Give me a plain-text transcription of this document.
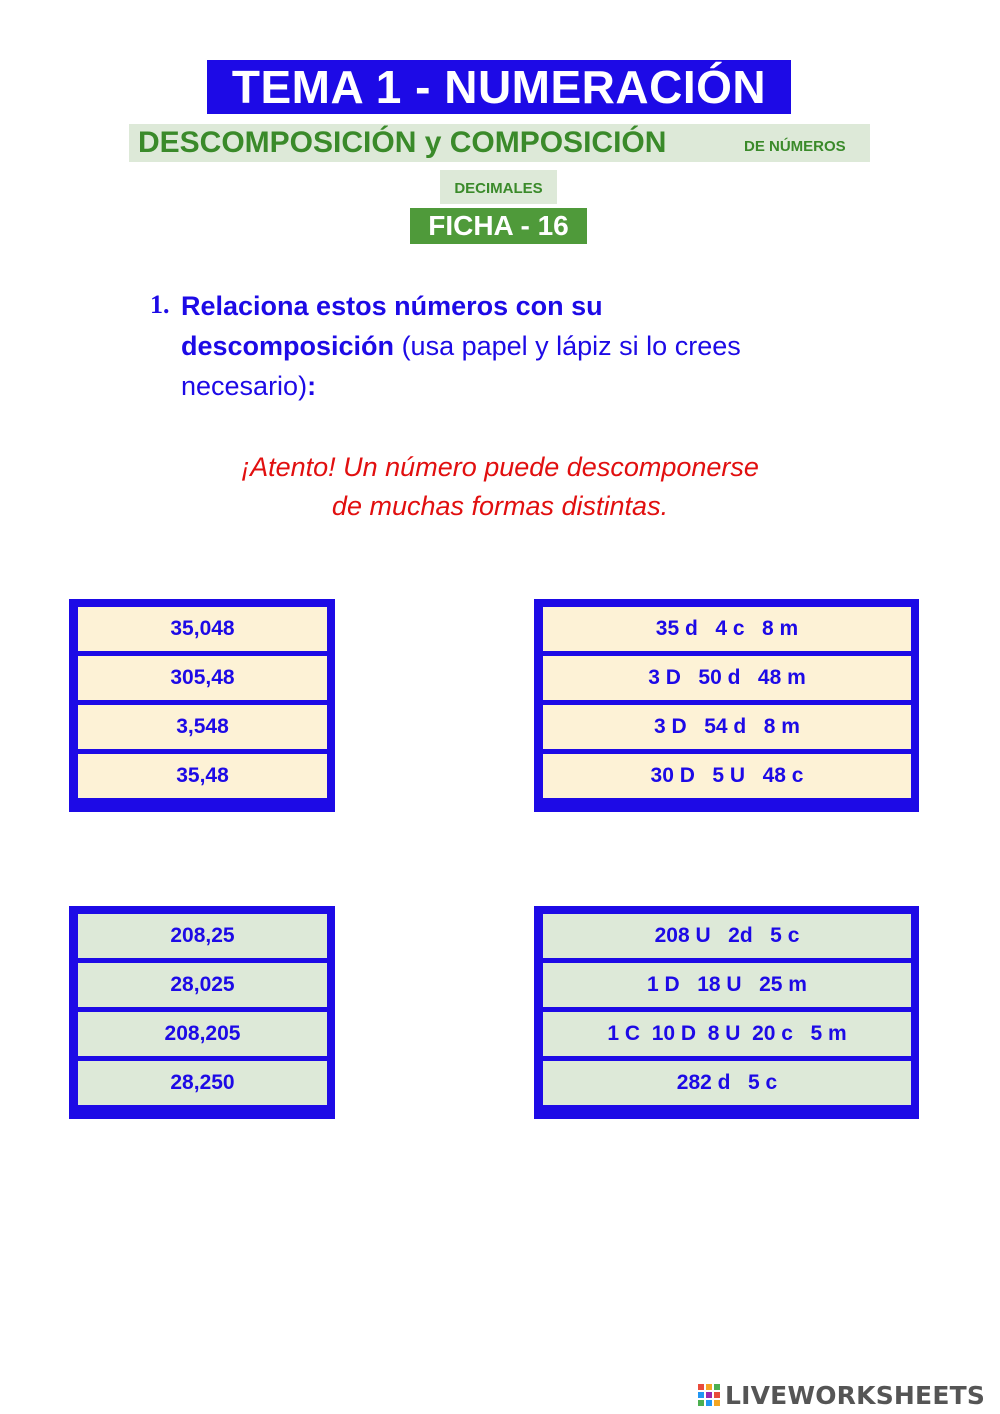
TEMA 1 - NUMERACIÓN
DESCOMPOSICIÓN y COMPOSICIÓN	DE NÚMEROS
DECIMALES
FICHA - 16
1. Relaciona estos números con su descomposición (usa papel y lápiz si lo crees necesario):
¡Atento! Un número puede descomponerse
de muchas formas distintas.
35,048
305,48
3,548
35,48
35 d   4 c   8 m
3 D   50 d   48 m
3 D   54 d   8 m
30 D   5 U   48 c
208,25
28,025
208,205
28,250
208 U   2d   5 c
1 D   18 U   25 m
1 C  10 D  8 U  20 c   5 m
282 d   5 c
LIVEWORKSHEETS
